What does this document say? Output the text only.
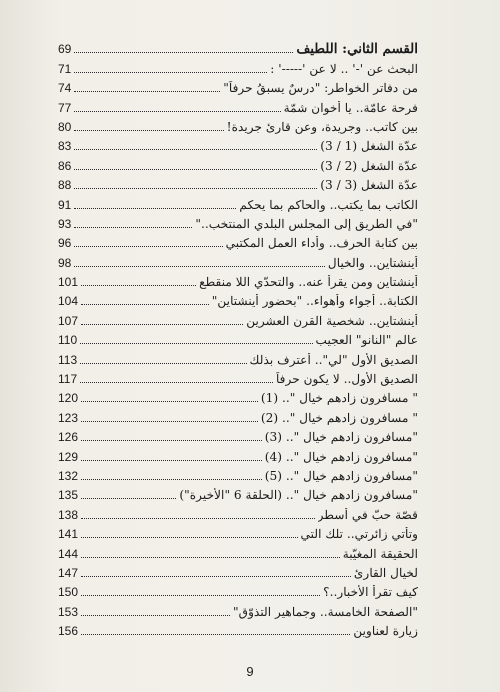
القسم الثاني: اللَّطيف
69
البحث عن '-' .. لا عن '-----' :
71
من دفاتر الخواطر: "درسٌ يسبقُ حرفاً"
74
فرحة عامّة.. يا أخوان شمّة
77
بين كاتب.. وجريدة، وعن قارئ جريدة!
80
عدّة الشغل (1 / 3)
83
عدّة الشغل (2 / 3)
86
عدّة الشغل (3 / 3)
88
الكاتب بما يكتب.. والحاكم بما يحكم
91
"في الطريق إلى المجلس البلدي المنتخب.."
93
بين كتابة الحرف.. وأداء العمل المكتبي
96
أينشتاين.. والخيال
98
أينشتاين ومن يقرأ عنه.. والتحدّي اللا منقطع
101
الكتابة.. أجواء وأهواء.. "بحضور أينشتاين"
104
أينشتاين.. شخصية القرن العشرين
107
عالم "النانو" العجيب
110
الصديق الأول "لي".. أعترف بذلك
113
الصديق الأول.. لا يكون حرفاً
117
" مسافرون زادهم خيال ".. (1)
120
" مسافرون زادهم خيال ".. (2)
123
"مسافرون زادهم خيال ".. (3)
126
"مسافرون زادهم خيال ".. (4)
129
"مسافرون زادهم خيال ".. (5)
132
"مسافرون زادهم خيال ".. (الحلقة 6 "الأخيرة")
135
قصّة حبّ في أسطر
138
وتأتي زائرتي.. تلك التي
141
الحقيقة المغيّبة
144
لخيال القارئ
147
كيف تقرأ الأخبار..؟
150
"الصفحة الخامسة.. وجماهير التذوّق"
153
زيارة لعناوين
156
9
